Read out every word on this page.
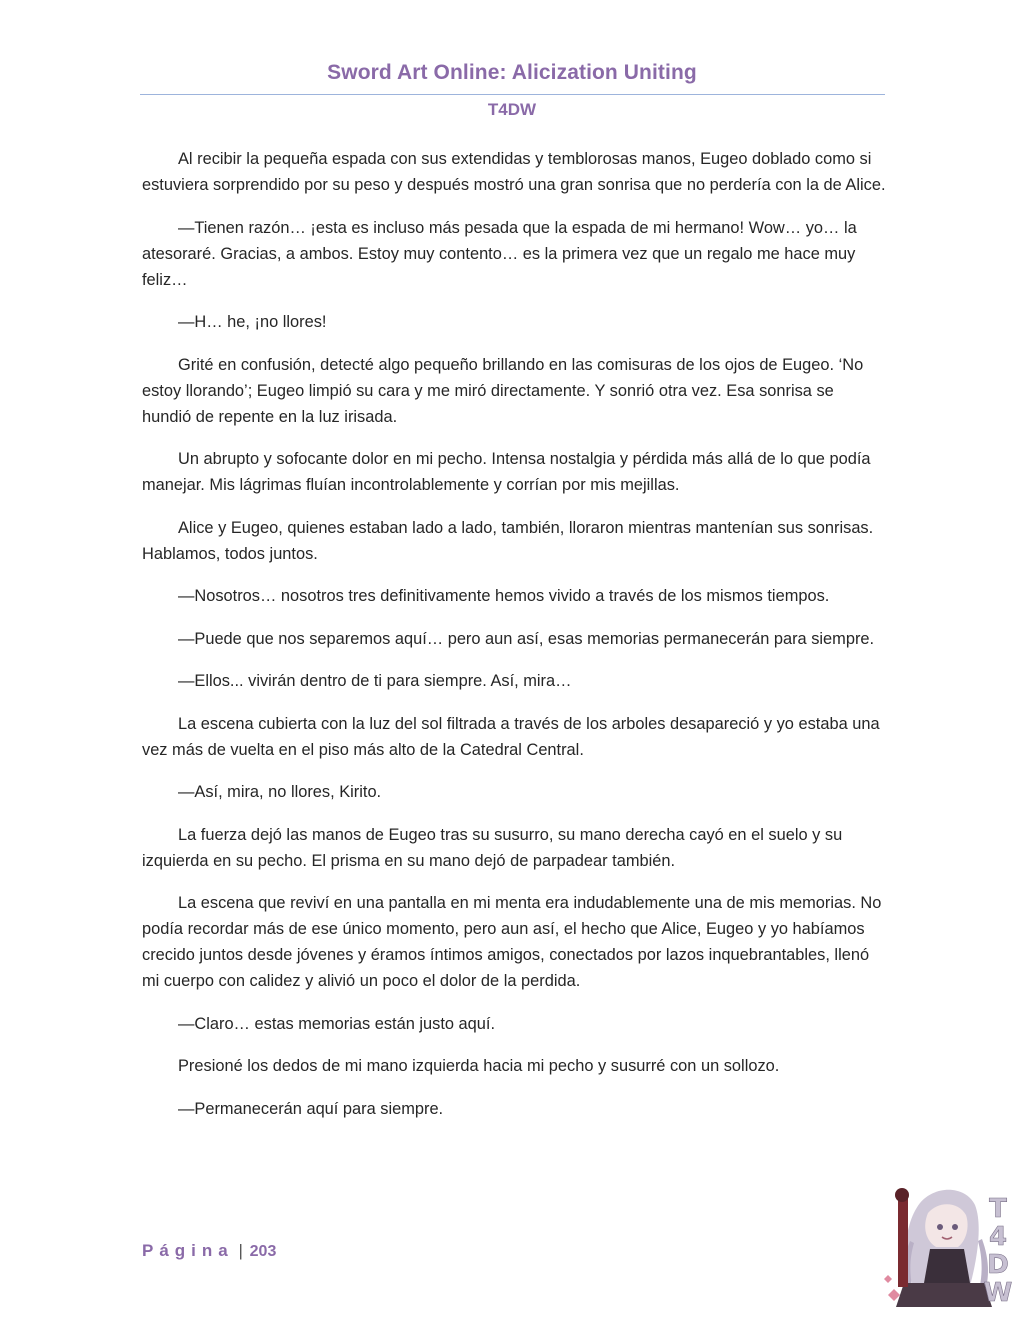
Sword Art Online: Alicization Uniting
T4DW

Al recibir la pequeña espada con sus extendidas y temblorosas manos, Eugeo doblado como si estuviera sorprendido por su peso y después mostró una gran sonrisa que no perdería con la de Alice.

—Tienen razón… ¡esta es incluso más pesada que la espada de mi hermano! Wow… yo… la atesoraré. Gracias, a ambos. Estoy muy contento… es la primera vez que un regalo me hace muy feliz…

—H… he, ¡no llores!

Grité en confusión, detecté algo pequeño brillando en las comisuras de los ojos de Eugeo. ‘No estoy llorando’; Eugeo limpió su cara y me miró directamente. Y sonrió otra vez. Esa sonrisa se hundió de repente en la luz irisada.

Un abrupto y sofocante dolor en mi pecho. Intensa nostalgia y pérdida más allá de lo que podía manejar. Mis lágrimas fluían incontrolablemente y corrían por mis mejillas.

Alice y Eugeo, quienes estaban lado a lado, también, lloraron mientras mantenían sus sonrisas. Hablamos, todos juntos.

—Nosotros… nosotros tres definitivamente hemos vivido a través de los mismos tiempos.

—Puede que nos separemos aquí… pero aun así, esas memorias permanecerán para siempre.

—Ellos... vivirán dentro de ti para siempre. Así, mira…

La escena cubierta con la luz del sol filtrada a través de los arboles desapareció y yo estaba una vez más de vuelta en el piso más alto de la Catedral Central.

—Así, mira, no llores, Kirito.

La fuerza dejó las manos de Eugeo tras su susurro, su mano derecha cayó en el suelo y su izquierda en su pecho. El prisma en su mano dejó de parpadear también.

La escena que reviví en una pantalla en mi menta era indudablemente una de mis memorias. No podía recordar más de ese único momento, pero aun así, el hecho que Alice, Eugeo y yo habíamos crecido juntos desde jóvenes y éramos íntimos amigos, conectados por lazos inquebrantables, llenó mi cuerpo con calidez y alivió un poco el dolor de la perdida.

—Claro… estas memorias están justo aquí.

Presioné los dedos de mi mano izquierda hacia mi pecho y susurré con un sollozo.

—Permanecerán aquí para siempre.

Página | 203
T
4
D
W
